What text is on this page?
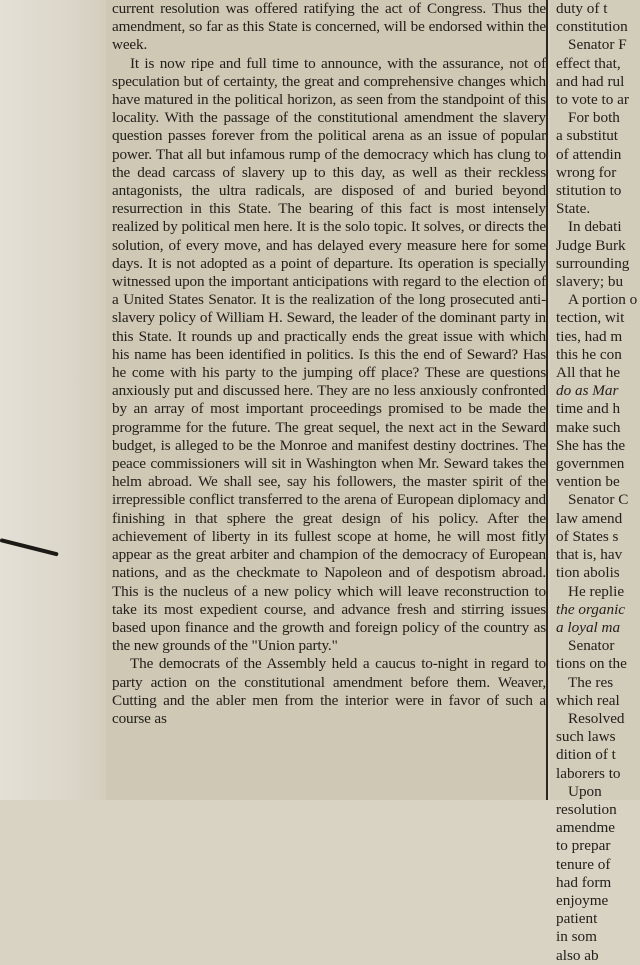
current resolution was offered ratifying the act of Congress. Thus the amendment, so far as this State is concerned, will be endorsed within the week.

It is now ripe and full time to announce, with the assurance, not of speculation but of certainty, the great and comprehensive changes which have matured in the political horizon, as seen from the standpoint of this locality. With the passage of the constitutional amendment the slavery question passes forever from the political arena as an issue of popular power. That all but infamous rump of the democracy which has clung to the dead carcass of slavery up to this day, as well as their reckless antagonists, the ultra radicals, are disposed of and buried beyond resurrection in this State. The bearing of this fact is most intensely realized by political men here. It is the solo topic. It solves, or directs the solution, of every move, and has delayed every measure here for some days. It is not adopted as a point of departure. Its operation is specially witnessed upon the important anticipations with regard to the election of a United States Senator. It is the realization of the long prosecuted anti-slavery policy of William H. Seward, the leader of the dominant party in this State. It rounds up and practically ends the great issue with which his name has been identified in politics. Is this the end of Seward? Has he come with his party to the jumping off place? These are questions anxiously put and discussed here. They are no less anxiously confronted by an array of most important proceedings promised to be made the programme for the future. The great sequel, the next act in the Seward budget, is alleged to be the Monroe and manifest destiny doctrines. The peace commissioners will sit in Washington when Mr. Seward takes the helm abroad. We shall see, say his followers, the master spirit of the irrepressible conflict transferred to the arena of European diplomacy and finishing in that sphere the great design of his policy. After the achievement of liberty in its fullest scope at home, he will most fitly appear as the great arbiter and champion of the democracy of European nations, and as the checkmate to Napoleon and of despotism abroad. This is the nucleus of a new policy which will leave reconstruction to take its most expedient course, and advance fresh and stirring issues based upon finance and the growth and foreign policy of the country as the new grounds of the "Union party."

The democrats of the Assembly held a caucus to-night in regard to party action on the constitutional amendment before them. Weaver, Cutting and the abler men from the interior were in favor of such a course as

duty of t
constitution
Senator F
effect that,
and had rul
to vote to ar
For both
a substitut
of attendin
wrong for
stitution to
State.
In debati
Judge Burk
surrounding
slavery; bu
A portion o
tection, wit
ties, had m
this he con
All that he
do as Mar
time and h
make such
She has the
governmen
vention be
Senator C
law amend
of States s
that is, hav
tion abolis
He replie
the organic
a loyal ma
Senator
tions on the
The res
which real
Resolved
such laws
dition of t
laborers to
Upon
resolution
amendme
to prepar
tenure of
had form
enjoyme
patient
in som
also ab
